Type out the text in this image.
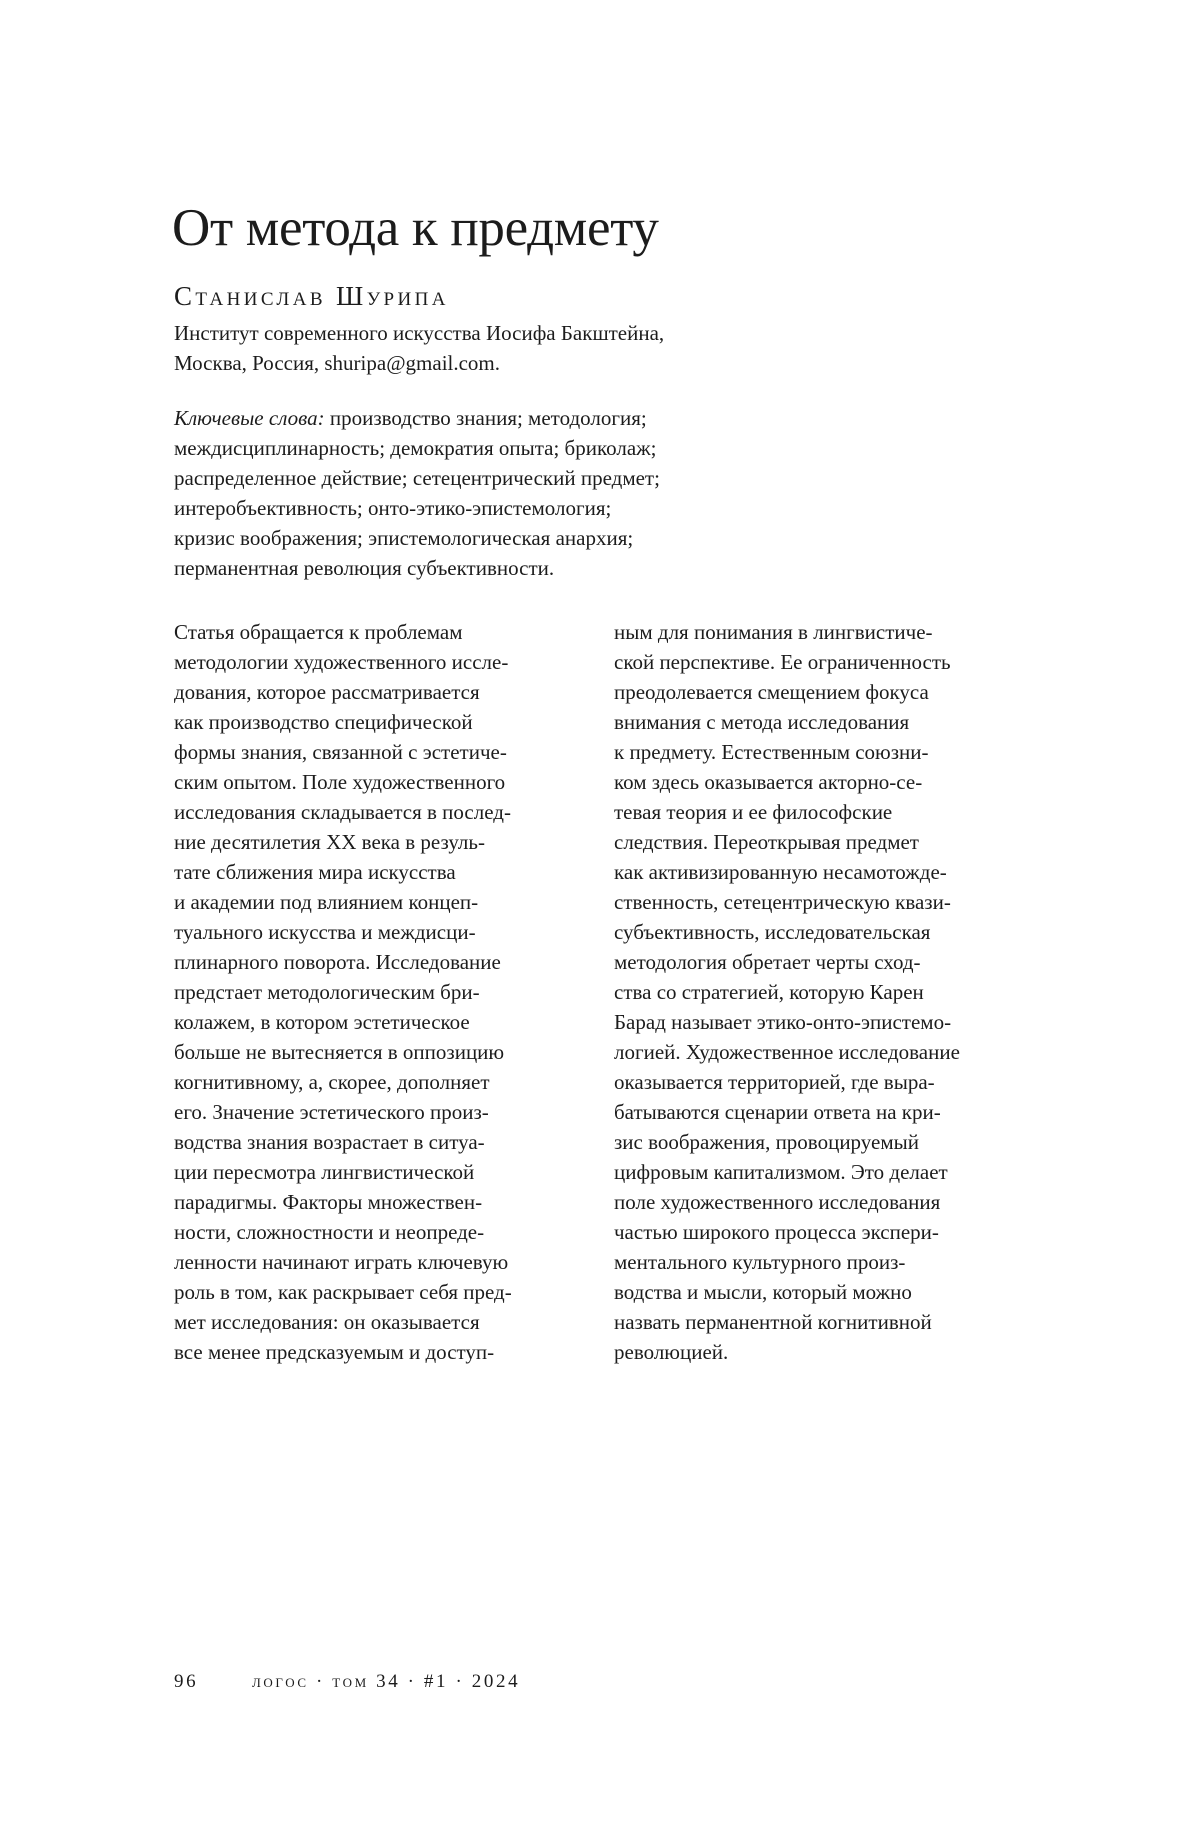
От метода к предмету
Станислав Шурипа
Институт современного искусства Иосифа Бакштейна,
Москва, Россия, shuripa@gmail.com.
Ключевые слова: производство знания; методология;
междисциплинарность; демократия опыта; бриколаж;
распределенное действие; сетецентрический предмет;
интеробъективность; онто-этико-эпистемология;
кризис воображения; эпистемологическая анархия;
перманентная революция субъективности.
Статья обращается к проблемам
методологии художественного иссле-
дования, которое рассматривается
как производство специфической
формы знания, связанной с эстетиче-
ским опытом. Поле художественного
исследования складывается в послед-
ние десятилетия XX века в резуль-
тате сближения мира искусства
и академии под влиянием концеп-
туального искусства и междисци-
плинарного поворота. Исследование
предстает методологическим бри-
колажем, в котором эстетическое
больше не вытесняется в оппозицию
когнитивному, а, скорее, дополняет
его. Значение эстетического произ-
водства знания возрастает в ситуа-
ции пересмотра лингвистической
парадигмы. Факторы множествен-
ности, сложностности и неопреде-
ленности начинают играть ключевую
роль в том, как раскрывает себя пред-
мет исследования: он оказывается
все менее предсказуемым и доступ-
ным для понимания в лингвистиче-
ской перспективе. Ее ограниченность
преодолевается смещением фокуса
внимания с метода исследования
к предмету. Естественным союзни-
ком здесь оказывается акторно-се-
тевая теория и ее философские
следствия. Переоткрывая предмет
как активизированную несамотожде-
ственность, сетецентрическую квази-
субъективность, исследовательская
методология обретает черты сход-
ства со стратегией, которую Карен
Барад называет этико-онто-эпистемо-
логией. Художественное исследование
оказывается территорией, где выра-
батываются сценарии ответа на кри-
зис воображения, провоцируемый
цифровым капитализмом. Это делает
поле художественного исследования
частью широкого процесса экспери-
ментального культурного произ-
водства и мысли, который можно
назвать перманентной когнитивной
революцией.
96	логос · том 34 · #1 · 2024
